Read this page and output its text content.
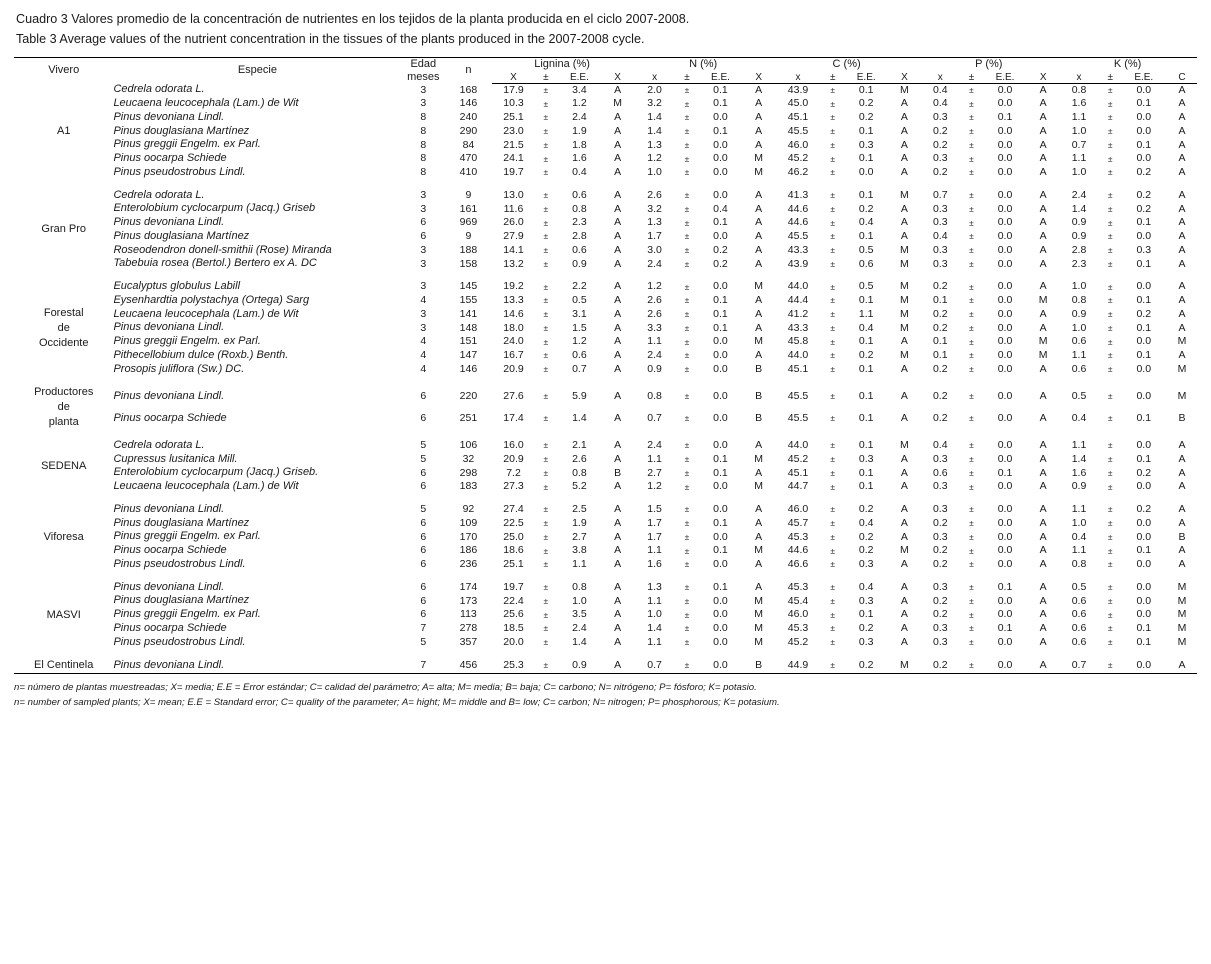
Cuadro 3 Valores promedio de la concentración de nutrientes en los tejidos de la planta producida en el ciclo 2007-2008.
Table 3 Average values of the nutrient concentration in the tissues of the plants produced in the 2007-2008 cycle.
Vivero	Especie	Edad
meses	n	Lignina (%)				N (%)				C (%)				P (%)				K (%)			
				X	±	E.E.	X	x	±	E.E.	X	x	±	E.E.	X	x	±	E.E.	X	x	±	E.E.	C
A1	Cedrela odorata L.	3	168	17.9	±	3.4	A	2.0	±	0.1	A	43.9	±	0.1	M	0.4	±	0.0	A	0.8	±	0.0	A
	Leucaena leucocephala (Lam.) de Wit	3	146	10.3	±	1.2	M	3.2	±	0.1	A	45.0	±	0.2	A	0.4	±	0.0	A	1.6	±	0.1	A
	Pinus devoniana Lindl.	8	240	25.1	±	2.4	A	1.4	±	0.0	A	45.1	±	0.2	A	0.3	±	0.1	A	1.1	±	0.0	A
	Pinus douglasiana Martínez	8	290	23.0	±	1.9	A	1.4	±	0.1	A	45.5	±	0.1	A	0.2	±	0.0	A	1.0	±	0.0	A
	Pinus greggii Engelm. ex Parl.	8	84	21.5	±	1.8	A	1.3	±	0.0	A	46.0	±	0.3	A	0.2	±	0.0	A	0.7	±	0.1	A
	Pinus oocarpa Schiede	8	470	24.1	±	1.6	A	1.2	±	0.0	M	45.2	±	0.1	A	0.3	±	0.0	A	1.1	±	0.0	A
	Pinus pseudostrobus Lindl.	8	410	19.7	±	0.4	A	1.0	±	0.0	M	46.2	±	0.0	A	0.2	±	0.0	A	1.0	±	0.2	A

Gran Pro	Cedrela odorata L.	3	9	13.0	±	0.6	A	2.6	±	0.0	A	41.3	±	0.1	M	0.7	±	0.0	A	2.4	±	0.2	A
	Enterolobium cyclocarpum (Jacq.) Griseb	3	161	11.6	±	0.8	A	3.2	±	0.4	A	44.6	±	0.2	A	0.3	±	0.0	A	1.4	±	0.2	A
	Pinus devoniana Lindl.	6	969	26.0	±	2.3	A	1.3	±	0.1	A	44.6	±	0.4	A	0.3	±	0.0	A	0.9	±	0.1	A
	Pinus douglasiana Martínez	6	9	27.9	±	2.8	A	1.7	±	0.0	A	45.5	±	0.1	A	0.4	±	0.0	A	0.9	±	0.0	A
	Roseodendron donell-smithii (Rose) Miranda	3	188	14.1	±	0.6	A	3.0	±	0.2	A	43.3	±	0.5	M	0.3	±	0.0	A	2.8	±	0.3	A
	Tabebuia rosea (Bertol.) Bertero ex A. DC	3	158	13.2	±	0.9	A	2.4	±	0.2	A	43.9	±	0.6	M	0.3	±	0.0	A	2.3	±	0.1	A

Forestal
de
Occidente	Eucalyptus globulus Labill	3	145	19.2	±	2.2	A	1.2	±	0.0	M	44.0	±	0.5	M	0.2	±	0.0	A	1.0	±	0.0	A
	Eysenhardtia polystachya (Ortega) Sarg	4	155	13.3	±	0.5	A	2.6	±	0.1	A	44.4	±	0.1	M	0.1	±	0.0	M	0.8	±	0.1	A
	Leucaena leucocephala (Lam.) de Wit	3	141	14.6	±	3.1	A	2.6	±	0.1	A	41.2	±	1.1	M	0.2	±	0.0	A	0.9	±	0.2	A
	Pinus devoniana Lindl.	3	148	18.0	±	1.5	A	3.3	±	0.1	A	43.3	±	0.4	M	0.2	±	0.0	A	1.0	±	0.1	A
	Pinus greggii Engelm. ex Parl.	4	151	24.0	±	1.2	A	1.1	±	0.0	M	45.8	±	0.1	A	0.1	±	0.0	M	0.6	±	0.0	M
	Pithecellobium dulce (Roxb.) Benth.	4	147	16.7	±	0.6	A	2.4	±	0.0	A	44.0	±	0.2	M	0.1	±	0.0	M	1.1	±	0.1	A
	Prosopis juliflora (Sw.) DC.	4	146	20.9	±	0.7	A	0.9	±	0.0	B	45.1	±	0.1	A	0.2	±	0.0	A	0.6	±	0.0	M

Productores
de
planta	Pinus devoniana Lindl.	6	220	27.6	±	5.9	A	0.8	±	0.0	B	45.5	±	0.1	A	0.2	±	0.0	A	0.5	±	0.0	M
	Pinus oocarpa Schiede	6	251	17.4	±	1.4	A	0.7	±	0.0	B	45.5	±	0.1	A	0.2	±	0.0	A	0.4	±	0.1	B

SEDENA	Cedrela odorata L.	5	106	16.0	±	2.1	A	2.4	±	0.0	A	44.0	±	0.1	M	0.4	±	0.0	A	1.1	±	0.0	A
	Cupressus lusitanica Mill.	5	32	20.9	±	2.6	A	1.1	±	0.1	M	45.2	±	0.3	A	0.3	±	0.0	A	1.4	±	0.1	A
	Enterolobium cyclocarpum (Jacq.) Griseb.	6	298	7.2	±	0.8	B	2.7	±	0.1	A	45.1	±	0.1	A	0.6	±	0.1	A	1.6	±	0.2	A
	Leucaena leucocephala (Lam.) de Wit	6	183	27.3	±	5.2	A	1.2	±	0.0	M	44.7	±	0.1	A	0.3	±	0.0	A	0.9	±	0.0	A

Viforesa	Pinus devoniana Lindl.	5	92	27.4	±	2.5	A	1.5	±	0.0	A	46.0	±	0.2	A	0.3	±	0.0	A	1.1	±	0.2	A
	Pinus douglasiana Martínez	6	109	22.5	±	1.9	A	1.7	±	0.1	A	45.7	±	0.4	A	0.2	±	0.0	A	1.0	±	0.0	A
	Pinus greggii Engelm. ex Parl.	6	170	25.0	±	2.7	A	1.7	±	0.0	A	45.3	±	0.2	A	0.3	±	0.0	A	0.4	±	0.0	B
	Pinus oocarpa Schiede	6	186	18.6	±	3.8	A	1.1	±	0.1	M	44.6	±	0.2	M	0.2	±	0.0	A	1.1	±	0.1	A
	Pinus pseudostrobus Lindl.	6	236	25.1	±	1.1	A	1.6	±	0.0	A	46.6	±	0.3	A	0.2	±	0.0	A	0.8	±	0.0	A

MASVI	Pinus devoniana Lindl.	6	174	19.7	±	0.8	A	1.3	±	0.1	A	45.3	±	0.4	A	0.3	±	0.1	A	0.5	±	0.0	M
	Pinus douglasiana Martínez	6	173	22.4	±	1.0	A	1.1	±	0.0	M	45.4	±	0.3	A	0.2	±	0.0	A	0.6	±	0.0	M
	Pinus greggii Engelm. ex Parl.	6	113	25.6	±	3.5	A	1.0	±	0.0	M	46.0	±	0.1	A	0.2	±	0.0	A	0.6	±	0.0	M
	Pinus oocarpa Schiede	7	278	18.5	±	2.4	A	1.4	±	0.0	M	45.3	±	0.2	A	0.3	±	0.1	A	0.6	±	0.1	M
	Pinus pseudostrobus Lindl.	5	357	20.0	±	1.4	A	1.1	±	0.0	M	45.2	±	0.3	A	0.3	±	0.0	A	0.6	±	0.1	M

El Centinela	Pinus devoniana Lindl.	7	456	25.3	±	0.9	A	0.7	±	0.0	B	44.9	±	0.2	M	0.2	±	0.0	A	0.7	±	0.0	A
n= número de plantas muestreadas; X= media; E.E = Error estándar; C= calidad del parámetro; A= alta; M= media; B= baja; C= carbono; N= nitrógeno; P= fósforo; K= potasio.
n= number of sampled plants; X= mean; E.E = Standard error; C= quality of the parameter; A= hight; M= middle and B= low; C= carbon; N= nitrogen; P= phosphorous; K= potasium.
